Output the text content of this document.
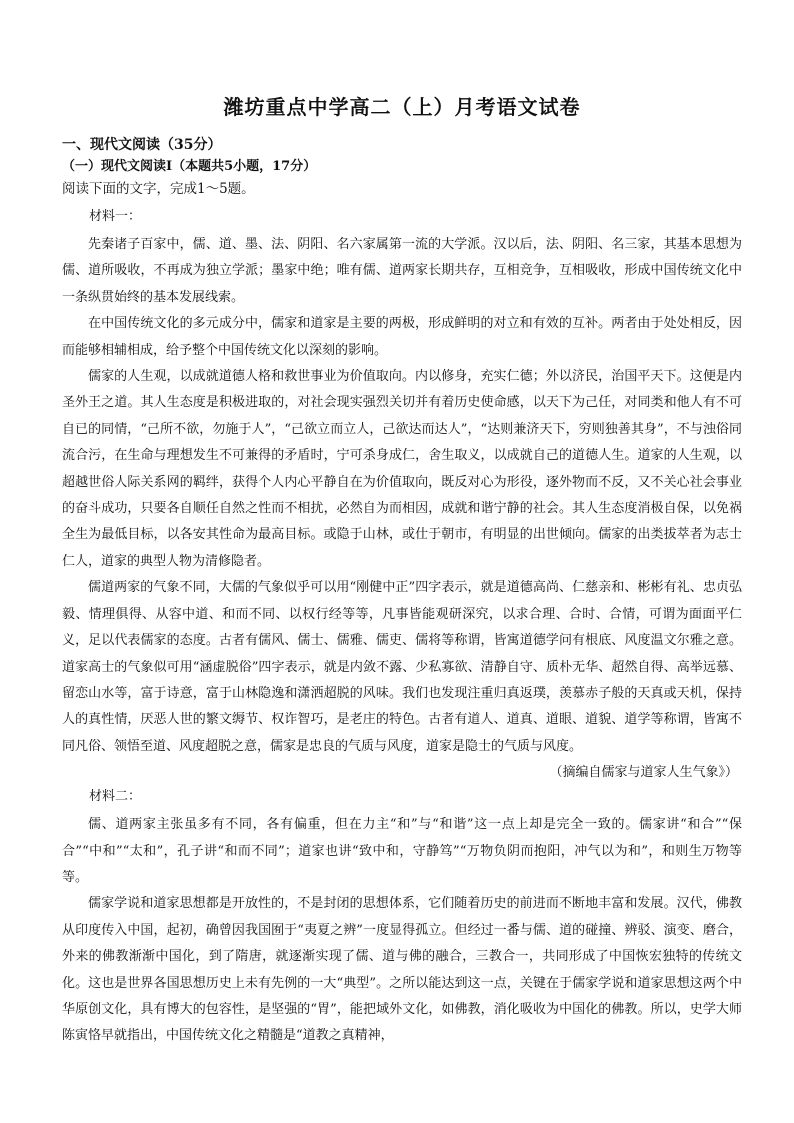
潍坊重点中学高二（上）月考语文试卷
一、现代文阅读（35分）
（一）现代文阅读Ⅰ（本题共5小题，17分）
阅读下面的文字，完成1～5题。
材料一：

先秦诸子百家中，儒、道、墨、法、阴阳、名六家属第一流的大学派。汉以后，法、阴阳、名三家，其基本思想为儒、道所吸收，不再成为独立学派；墨家中绝；唯有儒、道两家长期共存，互相竞争，互相吸收，形成中国传统文化中一条纵贯始终的基本发展线索。

在中国传统文化的多元成分中，儒家和道家是主要的两极，形成鲜明的对立和有效的互补。两者由于处处相反，因而能够相辅相成，给予整个中国传统文化以深刻的影响。

儒家的人生观，以成就道德人格和救世事业为价值取向。内以修身，充实仁德；外以济民，治国平天下。这便是内圣外王之道。其人生态度是积极进取的，对社会现实强烈关切并有着历史使命感，以天下为己任，对同类和他人有不可自已的同情，“己所不欲，勿施于人”，“己欲立而立人，己欲达而达人”，“达则兼济天下，穷则独善其身”，不与浊俗同流合污，在生命与理想发生不可兼得的矛盾时，宁可杀身成仁，舍生取义，以成就自己的道德人生。道家的人生观，以超越世俗人际关系网的羁绊，获得个人内心平静自在为价值取向，既反对心为形役，逐外物而不反，又不关心社会事业的奋斗成功，只要各自顺任自然之性而不相扰，必然自为而相因，成就和谐宁静的社会。其人生态度消极自保，以免祸全生为最低目标，以各安其性命为最高目标。或隐于山林，或仕于朝市，有明显的出世倾向。儒家的出类拔萃者为志士仁人，道家的典型人物为清修隐者。

儒道两家的气象不同，大儒的气象似乎可以用“刚健中正”四字表示，就是道德高尚、仁慈亲和、彬彬有礼、忠贞弘毅、情理俱得、从容中道、和而不同、以权行经等等，凡事皆能观研深究，以求合理、合时、合情，可谓为面面平仁义，足以代表儒家的态度。古者有儒风、儒士、儒雅、儒吏、儒将等称谓，皆寓道德学问有根底、风度温文尔雅之意。道家高士的气象似可用“涵虚脱俗”四字表示，就是内敛不露、少私寡欲、清静自守、质朴无华、超然自得、高举远慕、留恋山水等，富于诗意，富于山林隐逸和潇洒超脱的风味。我们也发现注重归真返璞，羡慕赤子般的天真或天机，保持人的真性情，厌恶人世的繁文缛节、权诈智巧，是老庄的特色。古者有道人、道真、道眼、道貌、道学等称谓，皆寓不同凡俗、领悟至道、风度超脱之意，儒家是忠良的气质与风度，道家是隐士的气质与风度。

（摘编自儒家与道家人生气象》）
材料二：

儒、道两家主张虽多有不同，各有偏重，但在力主“和”与“和谐”这一点上却是完全一致的。儒家讲“和合”“保合”“中和”“太和”，孔子讲“和而不同”；道家也讲“致中和，守静笃”“万物负阴而抱阳，冲气以为和”，和则生万物等等。

儒家学说和道家思想都是开放性的，不是封闭的思想体系，它们随着历史的前进而不断地丰富和发展。汉代，佛教从印度传入中国，起初，确曾因我国囿于“夷夏之辨”一度显得孤立。但经过一番与儒、道的碰撞、辨驳、演变、磨合，外来的佛教渐渐中国化，到了隋唐，就逐渐实现了儒、道与佛的融合，三教合一，共同形成了中国恢宏独特的传统文化。这也是世界各国思想历史上未有先例的一大“典型”。之所以能达到这一点，关键在于儒家学说和道家思想这两个中华原创文化，具有博大的包容性，是坚强的“胃”，能把域外文化，如佛教，消化吸收为中国化的佛教。所以，史学大师陈寅恪早就指出，中国传统文化之精髓是“道教之真精神，
